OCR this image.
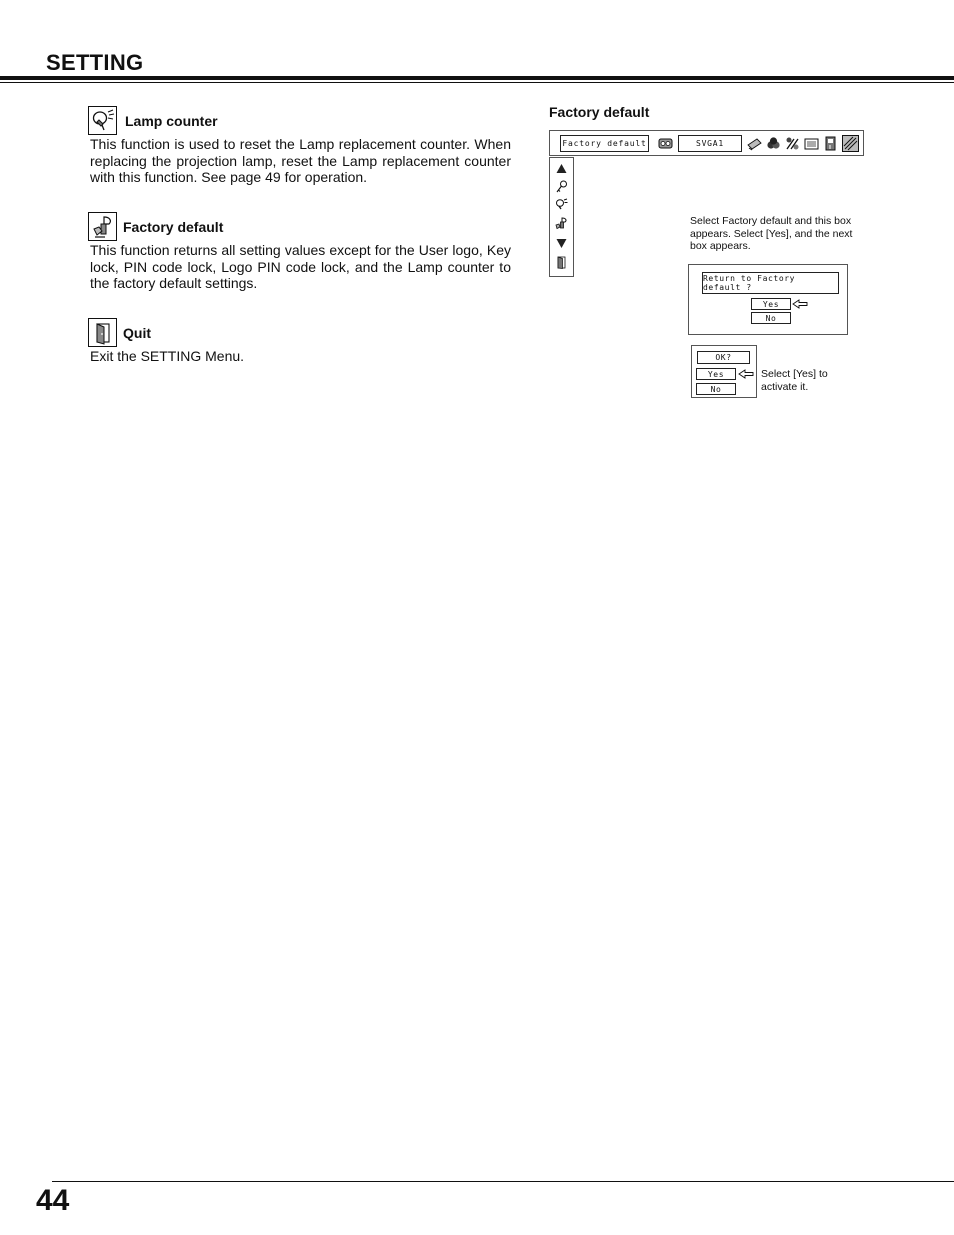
SETTING
Lamp counter
This function is used to reset the Lamp replacement counter. When replacing the projection lamp, reset the Lamp replacement counter with this function. See page 49 for operation.
Factory default
This function returns all setting values except for the User logo, Key lock, PIN code lock, Logo PIN code lock, and the Lamp counter to the factory default settings.
Quit
Exit the SETTING Menu.
Factory default
Factory default	SVGA1
Select Factory default and this box appears. Select [Yes], and the next box appears.
Return to Factory default ?
Yes
No
OK?
Yes
No
Select [Yes] to activate it.
44
